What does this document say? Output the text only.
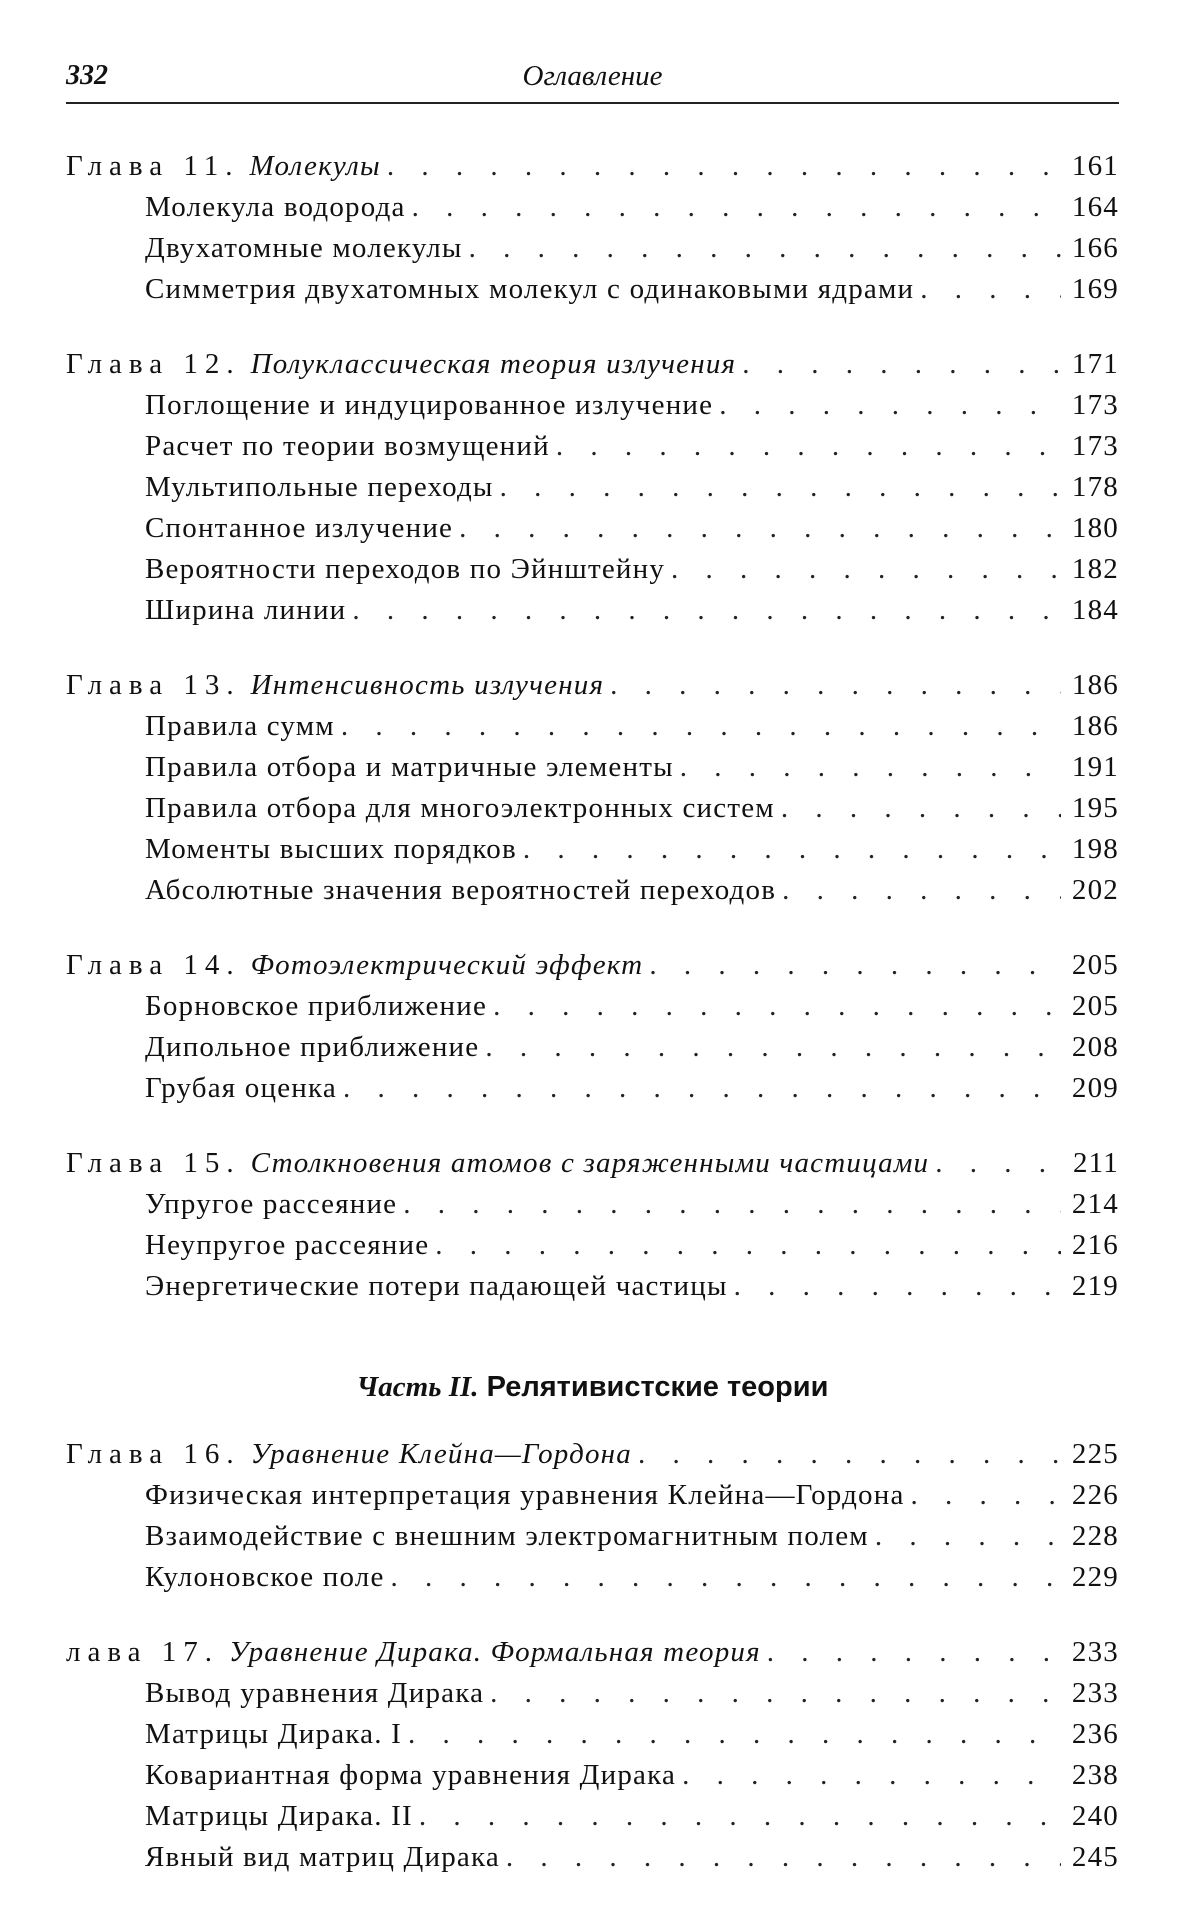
332	Оглавление
Глава 11. Молекулы . . .	161
Молекула водорода . . .	164
Двухатомные молекулы . . .	166
Симметрия двухатомных молекул с одинаковыми ядрами . . .	169
Глава 12. Полуклассическая теория излучения . . .	171
Поглощение и индуцированное излучение . . .	173
Расчет по теории возмущений . . .	173
Мультипольные переходы . . .	178
Спонтанное излучение . . .	180
Вероятности переходов по Эйнштейну . . .	182
Ширина линии . . .	184
Глава 13. Интенсивность излучения . . .	186
Правила сумм . . .	186
Правила отбора и матричные элементы . . .	191
Правила отбора для многоэлектронных систем . . .	195
Моменты высших порядков . . .	198
Абсолютные значения вероятностей переходов . . .	202
Глава 14. Фотоэлектрический эффект . . .	205
Борновское приближение . . .	205
Дипольное приближение . . .	208
Грубая оценка . . .	209
Глава 15. Столкновения атомов с заряженными частицами . . .	211
Упругое рассеяние . . .	214
Неупругое рассеяние . . .	216
Энергетические потери падающей частицы . . .	219
Часть II. Релятивистские теории
Глава 16. Уравнение Клейна—Гордона . . .	225
Физическая интерпретация уравнения Клейна—Гордона . . .	226
Взаимодействие с внешним электромагнитным полем . . .	228
Кулоновское поле . . .	229
лава 17. Уравнение Дирака. Формальная теория . . .	233
Вывод уравнения Дирака . . .	233
Матрицы Дирака. I . . .	236
Ковариантная форма уравнения Дирака . . .	238
Матрицы Дирака. II . . .	240
Явный вид матриц Дирака . . .	245
